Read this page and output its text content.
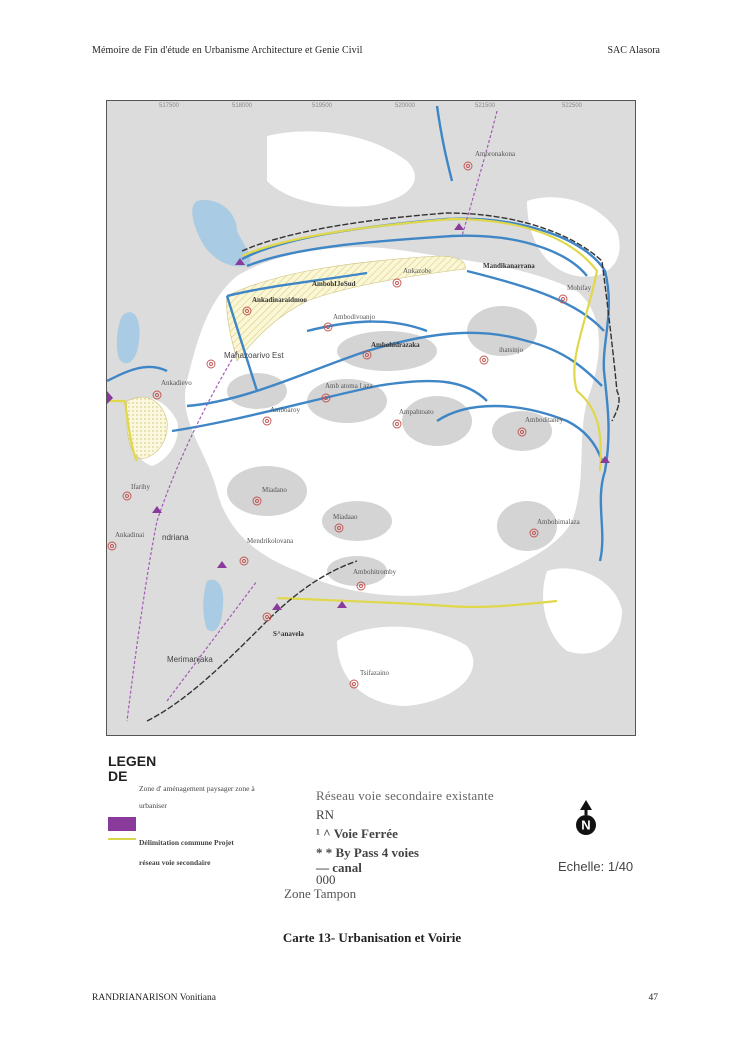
Mémoire de Fin d'étude en Urbanisme Architecture et Genie Civil	SAC Alasora
517500	518000	519500	520000	521500	522500
Amoronakona
Ankazobe
Mandikanarrana
Mohifay
AmbohIJoSud
Ankadinaraidmoo
Ambodivoanjo
Mahazoarivo Est
Ambohidrazaka
ihatsinjo
Ankadievo	Amb atoma l aza
Amboaroy	Ampahtoato
Amboditaney
Ifarihy	Miadano
Miadaao
Ambohimalaza
Ankadinai ndriana	Mendrikolovana
Ambohitromby
S^anavela
Merimanjaka
Tsifazaino
LEGEN DE
Zone d' aménagement paysager zone à
urbaniser
Délimitation commune Projet
réseau voie secondaire
Réseau voie secondaire existante
RN
¹ ^ Voie Ferrée
* * By Pass 4 voies
— canal
000
Zone Tampon
N
Echelle: 1/40
Carte 13- Urbanisation et Voirie
RANDRIANARISON Vonitiana	47
